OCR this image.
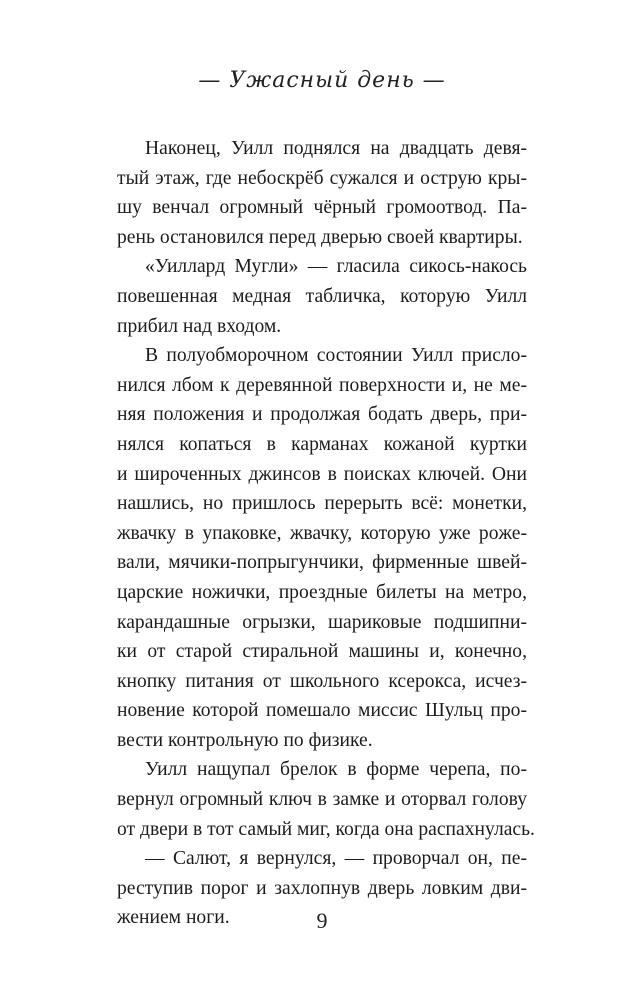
— Ужасный день —
Наконец, Уилл поднялся на двадцать девя-
тый этаж, где небоскрёб сужался и острую кры-
шу венчал огромный чёрный громоотвод. Па-
рень остановился перед дверью своей квартиры.
«Уиллард Мугли» — гласила сикось-накось
повешенная медная табличка, которую Уилл
прибил над входом.
В полуобморочном состоянии Уилл присло-
нился лбом к деревянной поверхности и, не ме-
няя положения и продолжая бодать дверь, при-
нялся копаться в карманах кожаной куртки
и широченных джинсов в поисках ключей. Они
нашлись, но пришлось перерыть всё: монетки,
жвачку в упаковке, жвачку, которую уже poже-
вали, мячики-попрыгунчики, фирменные швей-
царские ножички, проездные билеты на метро,
карандашные огрызки, шариковые подшипни-
ки от старой стиральной машины и, конечно,
кнопку питания от школьного ксерокса, исчез-
новение которой помешало миссис Шульц про-
вести контрольную по физике.
Уилл нащупал брелок в форме черепа, по-
вернул огромный ключ в замке и оторвал голову
от двери в тот самый миг, когда она распахнулась.
— Салют, я вернулся, — проворчал он, пе-
реступив порог и захлопнув дверь ловким дви-
жением ноги.	9
